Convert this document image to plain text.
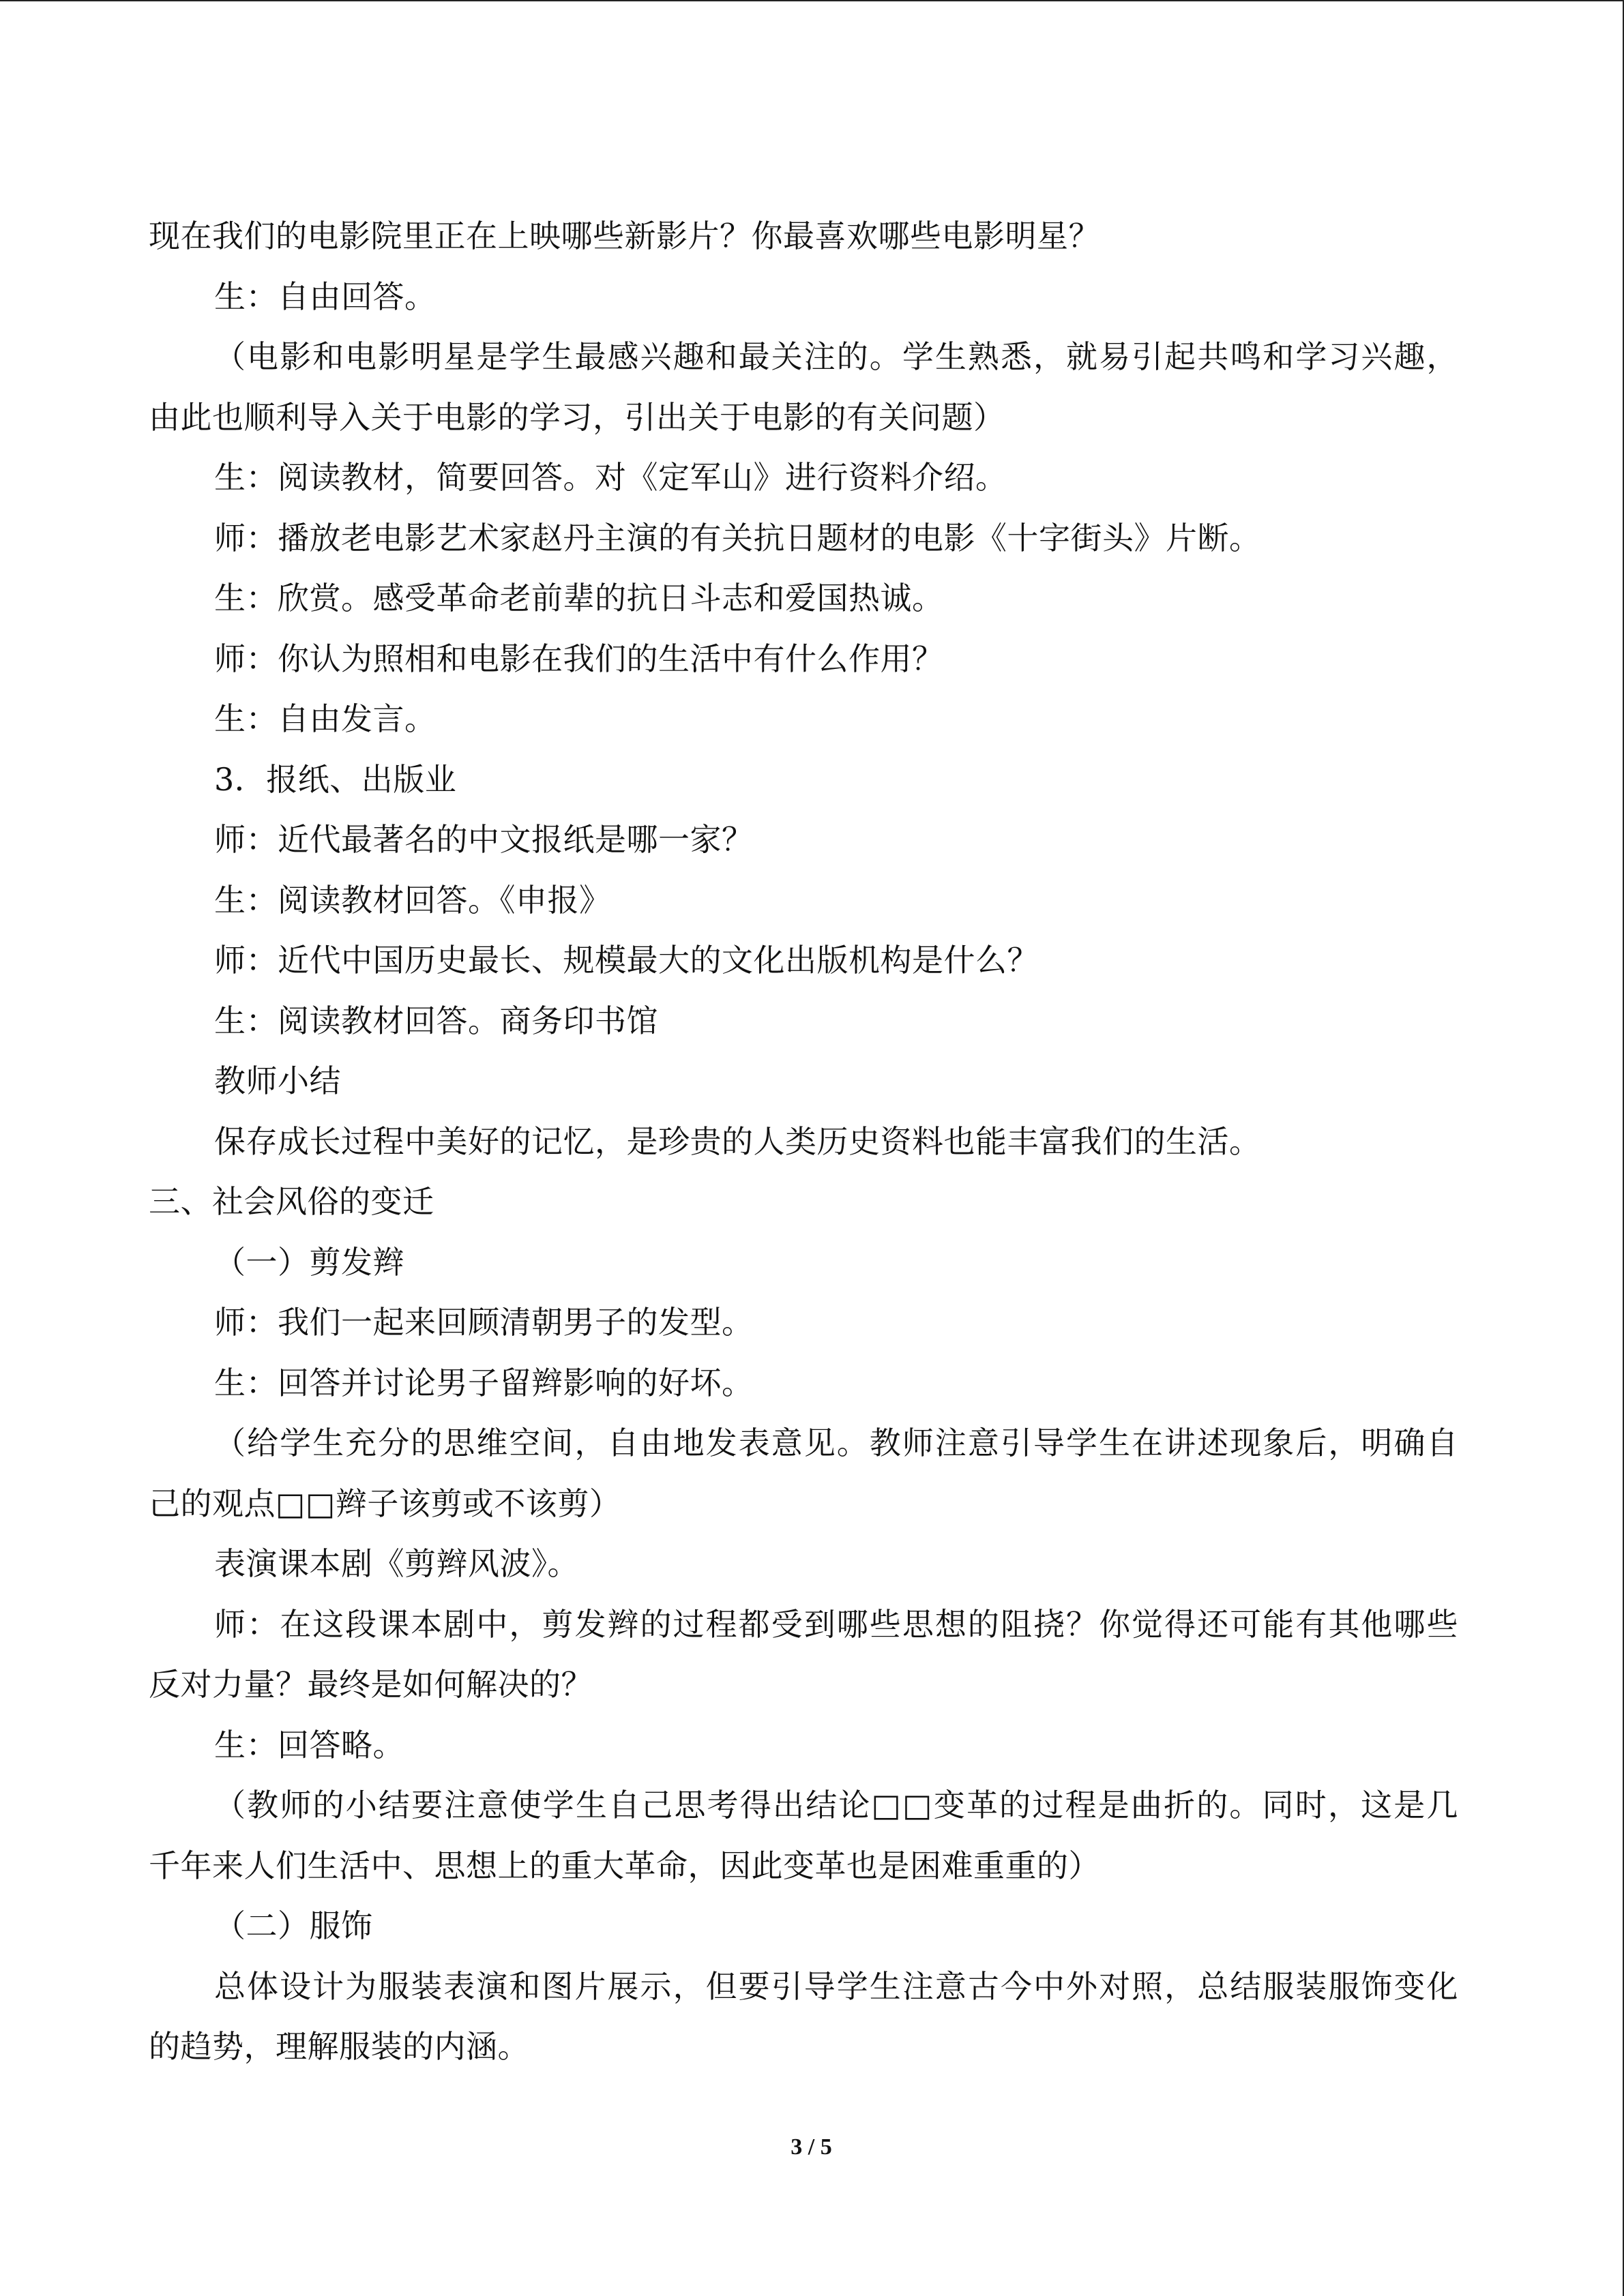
现在我们的电影院里正在上映哪些新影片？你最喜欢哪些电影明星？
生：自由回答。
（电影和电影明星是学生最感兴趣和最关注的。学生熟悉，就易引起共鸣和学习兴趣，
由此也顺利导入关于电影的学习，引出关于电影的有关问题）
生：阅读教材，简要回答。对《定军山》进行资料介绍。
师：播放老电影艺术家赵丹主演的有关抗日题材的电影《十字街头》片断。
生：欣赏。感受革命老前辈的抗日斗志和爱国热诚。
师：你认为照相和电影在我们的生活中有什么作用？
生：自由发言。
3．报纸、出版业
师：近代最著名的中文报纸是哪一家？
生：阅读教材回答。《申报》
师：近代中国历史最长、规模最大的文化出版机构是什么？
生：阅读教材回答。商务印书馆
教师小结
保存成长过程中美好的记忆，是珍贵的人类历史资料也能丰富我们的生活。
三、社会风俗的变迁
（一）剪发辫
师：我们一起来回顾清朝男子的发型。
生：回答并讨论男子留辫影响的好坏。
（给学生充分的思维空间，自由地发表意见。教师注意引导学生在讲述现象后，明确自
己的观点□□辫子该剪或不该剪）
表演课本剧《剪辫风波》。
师：在这段课本剧中，剪发辫的过程都受到哪些思想的阻挠？你觉得还可能有其他哪些
反对力量？最终是如何解决的？
生：回答略。
（教师的小结要注意使学生自己思考得出结论□□变革的过程是曲折的。同时，这是几
千年来人们生活中、思想上的重大革命，因此变革也是困难重重的）
（二）服饰
总体设计为服装表演和图片展示，但要引导学生注意古今中外对照，总结服装服饰变化
的趋势，理解服装的内涵。
3 / 5
